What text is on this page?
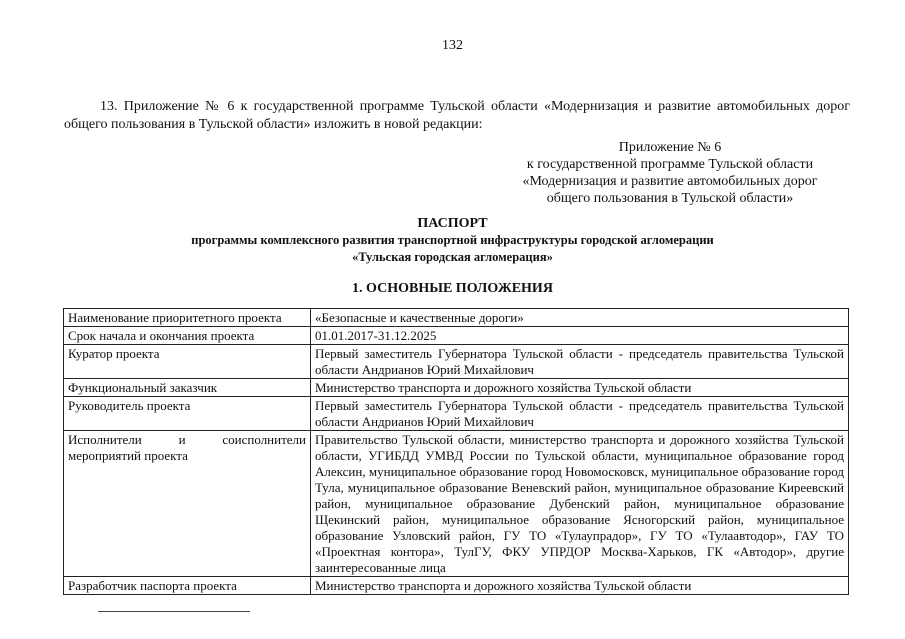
132
13. Приложение № 6 к государственной программе Тульской области «Модернизация и развитие автомобильных дорог общего пользования в Тульской области» изложить в новой редакции:
Приложение № 6
к государственной программе Тульской области
«Модернизация и развитие автомобильных дорог
общего пользования в Тульской области»
ПАСПОРТ
программы комплексного развития транспортной инфраструктуры городской агломерации
«Тульская городская агломерация»
1. ОСНОВНЫЕ ПОЛОЖЕНИЯ
Наименование приоритетного проекта	«Безопасные и качественные дороги»
Срок начала и окончания проекта	01.01.2017-31.12.2025
Куратор проекта	Первый заместитель Губернатора Тульской области - председатель правительства Тульской области Андрианов Юрий Михайлович
Функциональный заказчик	Министерство транспорта и дорожного хозяйства Тульской области
Руководитель проекта	Первый заместитель Губернатора Тульской области - председатель правительства Тульской области Андрианов Юрий Михайлович
Исполнители и соисполнители мероприятий проекта	Правительство Тульской области, министерство транспорта и дорожного хозяйства Тульской области, УГИБДД УМВД России по Тульской области, муниципальное образование город Алексин, муниципальное образование город Новомосковск, муниципальное образование город Тула, муниципальное образование Веневский район, муниципальное образование Киреевский район, муниципальное образование Дубенский район, муниципальное образование Щекинский район, муниципальное образование Ясногорский район, муниципальное образование Узловский район, ГУ ТО «Тулаупрадор», ГУ ТО «Тулаавтодор», ГАУ ТО «Проектная контора», ТулГУ, ФКУ УПРДОР Москва-Харьков, ГК «Автодор», другие заинтересованные лица
Разработчик паспорта проекта	Министерство транспорта и дорожного хозяйства Тульской области
